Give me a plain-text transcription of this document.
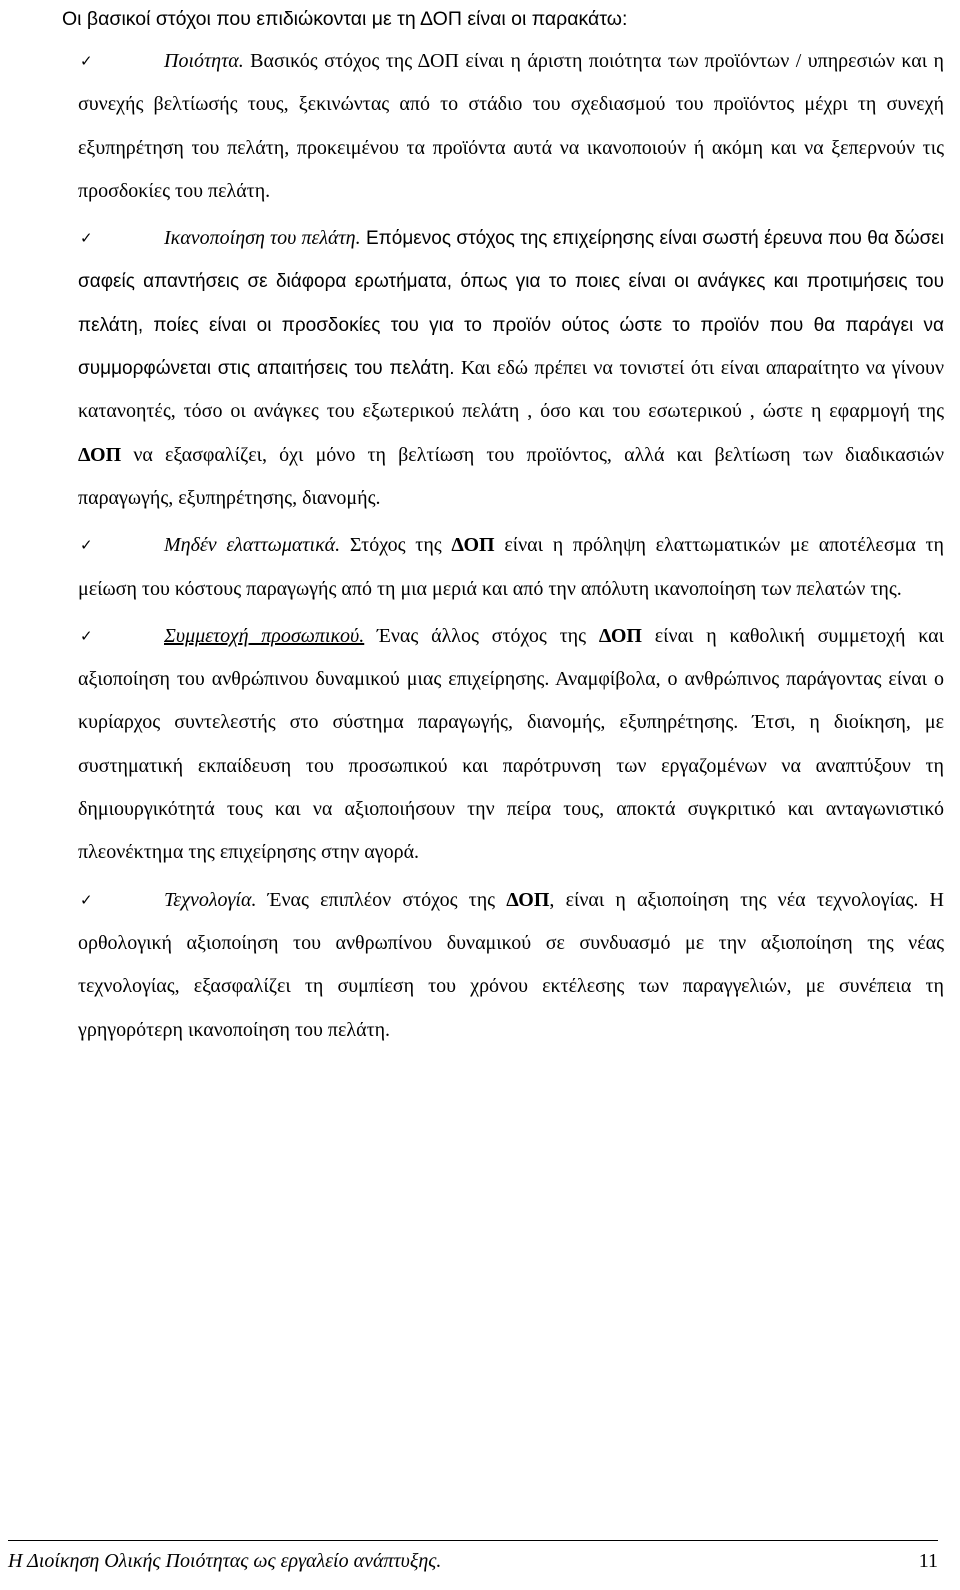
Οι βασικοί στόχοι που επιδιώκονται με τη ΔΟΠ είναι οι παρακάτω:
✓	Ποιότητα. Βασικός στόχος της ΔΟΠ είναι η άριστη ποιότητα των προϊόντων / υπηρεσιών και η συνεχής βελτίωσής τους, ξεκινώντας από το στάδιο του σχεδιασμού του προϊόντος μέχρι τη συνεχή εξυπηρέτηση του πελάτη, προκειμένου τα προϊόντα αυτά να ικανοποιούν ή ακόμη και να ξεπερνούν τις προσδοκίες του πελάτη.
✓	Ικανοποίηση του πελάτη. Επόμενος στόχος της επιχείρησης είναι σωστή έρευνα που θα δώσει σαφείς απαντήσεις σε διάφορα ερωτήματα, όπως για το ποιες είναι οι ανάγκες και προτιμήσεις του πελάτη, ποίες είναι οι προσδοκίες του για το προϊόν ούτος ώστε το προϊόν που θα παράγει να συμμορφώνεται στις απαιτήσεις του πελάτη. Και εδώ πρέπει να τονιστεί ότι είναι απαραίτητο να γίνουν κατανοητές, τόσο οι ανάγκες του εξωτερικού πελάτη , όσο και του εσωτερικού , ώστε η εφαρμογή της ΔΟΠ να εξασφαλίζει, όχι μόνο τη βελτίωση του προϊόντος, αλλά και βελτίωση των διαδικασιών παραγωγής, εξυπηρέτησης, διανομής.
✓	Μηδέν ελαττωματικά. Στόχος της ΔΟΠ είναι η πρόληψη ελαττωματικών με αποτέλεσμα τη μείωση του κόστους παραγωγής από τη μια μεριά και από την απόλυτη ικανοποίηση των πελατών της.
✓	Συμμετοχή προσωπικού. Ένας άλλος στόχος της ΔΟΠ είναι η καθολική συμμετοχή και αξιοποίηση του ανθρώπινου δυναμικού μιας επιχείρησης. Αναμφίβολα, ο ανθρώπινος παράγοντας είναι ο κυρίαρχος συντελεστής στο σύστημα παραγωγής, διανομής, εξυπηρέτησης. Έτσι, η διοίκηση, με συστηματική εκπαίδευση του προσωπικού και παρότρυνση των εργαζομένων να αναπτύξουν τη δημιουργικότητά τους και να αξιοποιήσουν την πείρα τους, αποκτά συγκριτικό και ανταγωνιστικό πλεονέκτημα της επιχείρησης στην αγορά.
✓	Τεχνολογία. Ένας επιπλέον στόχος της ΔΟΠ, είναι η αξιοποίηση της νέα τεχνολογίας. Η ορθολογική αξιοποίηση του ανθρωπίνου δυναμικού σε συνδυασμό με την αξιοποίηση της νέας τεχνολογίας, εξασφαλίζει τη συμπίεση του χρόνου εκτέλεσης των παραγγελιών, με συνέπεια τη γρηγορότερη ικανοποίηση του πελάτη.
Η Διοίκηση Ολικής Ποιότητας ως εργαλείο ανάπτυξης.	11
